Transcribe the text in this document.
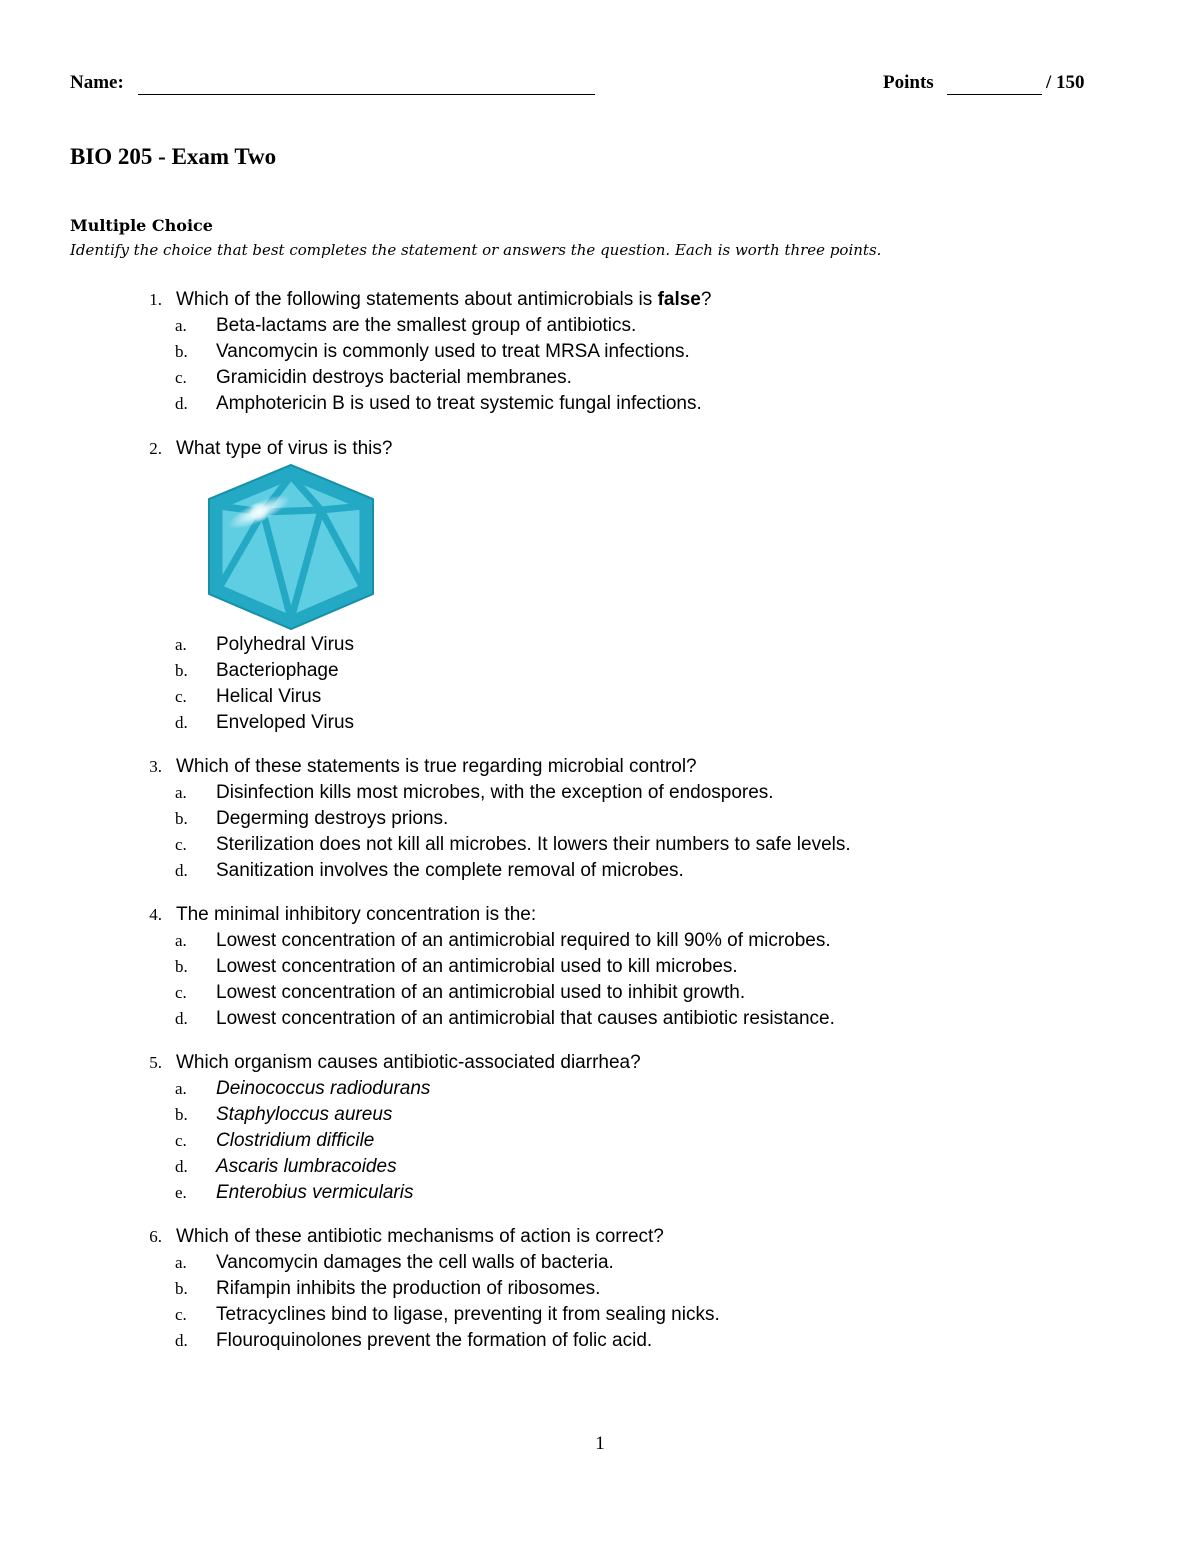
Name:	Points	/ 150
BIO 205 - Exam Two
Multiple Choice
Identify the choice that best completes the statement or answers the question. Each is worth three points.
1. Which of the following statements about antimicrobials is false?
a. Beta-lactams are the smallest group of antibiotics.
b. Vancomycin is commonly used to treat MRSA infections.
c. Gramicidin destroys bacterial membranes.
d. Amphotericin B is used to treat systemic fungal infections.
2. What type of virus is this?
a. Polyhedral Virus
b. Bacteriophage
c. Helical Virus
d. Enveloped Virus
3. Which of these statements is true regarding microbial control?
a. Disinfection kills most microbes, with the exception of endospores.
b. Degerming destroys prions.
c. Sterilization does not kill all microbes. It lowers their numbers to safe levels.
d. Sanitization involves the complete removal of microbes.
4. The minimal inhibitory concentration is the:
a. Lowest concentration of an antimicrobial required to kill 90% of microbes.
b. Lowest concentration of an antimicrobial used to kill microbes.
c. Lowest concentration of an antimicrobial used to inhibit growth.
d. Lowest concentration of an antimicrobial that causes antibiotic resistance.
5. Which organism causes antibiotic-associated diarrhea?
a. Deinococcus radiodurans
b. Staphyloccus aureus
c. Clostridium difficile
d. Ascaris lumbracoides
e. Enterobius vermicularis
6. Which of these antibiotic mechanisms of action is correct?
a. Vancomycin damages the cell walls of bacteria.
b. Rifampin inhibits the production of ribosomes.
c. Tetracyclines bind to ligase, preventing it from sealing nicks.
d. Flouroquinolones prevent the formation of folic acid.
1
